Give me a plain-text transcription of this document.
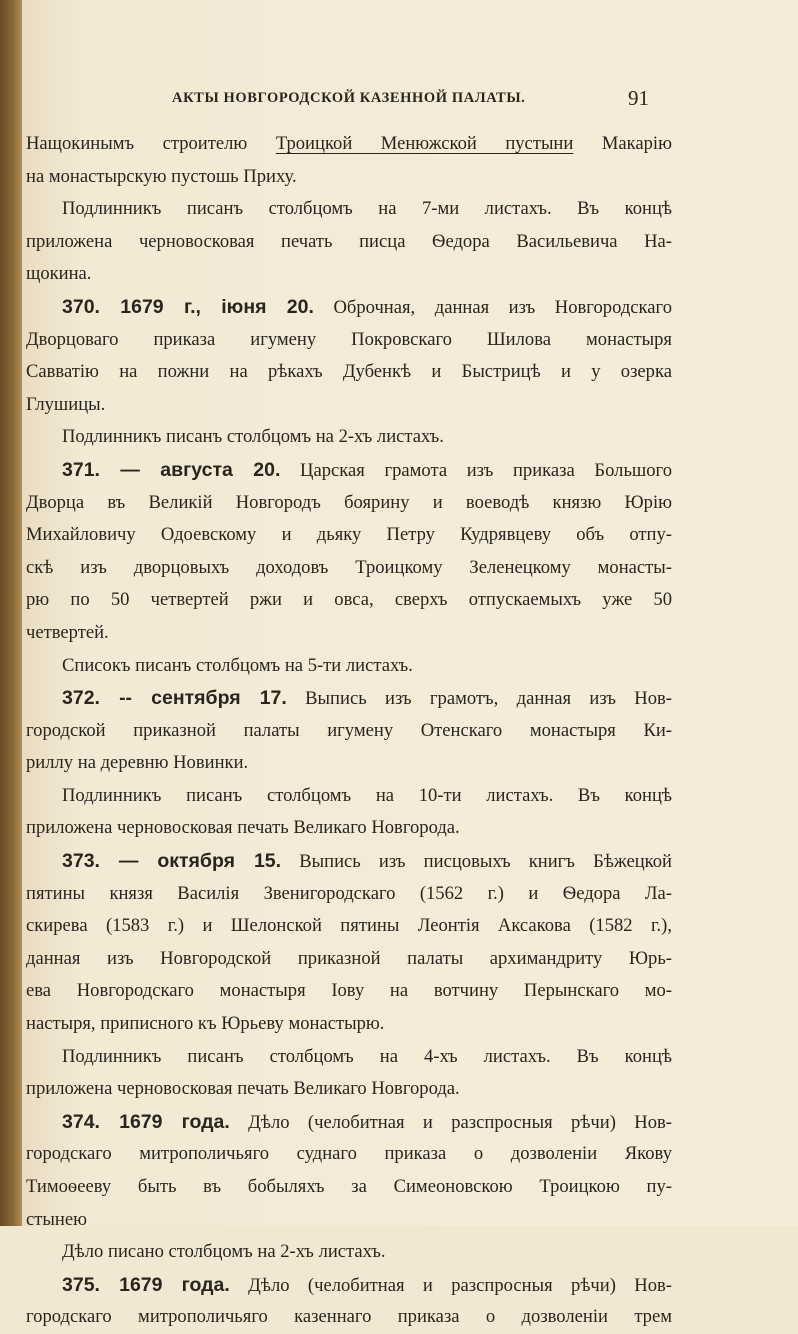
АКТЫ НОВГОРОДСКОЙ КАЗЕННОЙ ПАЛАТЫ.	91
Нащокинымъ строителю Троицкой Менюжской пустыни Макарію
на монастырскую пустошь Приху.
Подлинникъ писанъ столбцомъ на 7-ми листахъ. Въ концѣ
приложена черновосковая печать писца Ѳедора Васильевича На-
щокина.
370. 1679 г., іюня 20. Оброчная, данная изъ Новгородскаго
Дворцоваго приказа игумену Покровскаго Шилова монастыря
Савватію на пожни на рѣкахъ Дубенкѣ и Быстрицѣ и у озерка
Глушицы.
Подлинникъ писанъ столбцомъ на 2-хъ листахъ.
371. — августа 20. Царская грамота изъ приказа Большого
Дворца въ Великій Новгородъ боярину и воеводѣ князю Юрію
Михайловичу Одоевскому и дьяку Петру Кудрявцеву объ отпу-
скѣ изъ дворцовыхъ доходовъ Троицкому Зеленецкому монасты-
рю по 50 четвертей ржи и овса, сверхъ отпускаемыхъ уже 50
четвертей.
Списокъ писанъ столбцомъ на 5-ти листахъ.
372. -- сентября 17. Выпись изъ грамотъ, данная изъ Нов-
городской приказной палаты игумену Отенскаго монастыря Ки-
риллу на деревню Новинки.
Подлинникъ писанъ столбцомъ на 10-ти листахъ. Въ концѣ
приложена черновосковая печать Великаго Новгорода.
373. — октября 15. Выпись изъ писцовыхъ книгъ Бѣжецкой
пятины князя Василія Звенигородскаго (1562 г.) и Ѳедора Ла-
скирева (1583 г.) и Шелонской пятины Леонтія Аксакова (1582 г.),
данная изъ Новгородской приказной палаты архимандриту Юрь-
ева Новгородскаго монастыря Іову на вотчину Перынскаго мо-
настыря, приписного къ Юрьеву монастырю.
Подлинникъ писанъ столбцомъ на 4-хъ листахъ. Въ концѣ
приложена черновосковая печать Великаго Новгорода.
374. 1679 года. Дѣло (челобитная и разспросныя рѣчи) Нов-
городскаго митрополичьяго суднаго приказа о дозволеніи Якову
Тимоѳееву быть въ бобыляхъ за Симеоновскою Троицкою пу-
стынею
Дѣло писано столбцомъ на 2-хъ листахъ.
375. 1679 года. Дѣло (челобитная и разспросныя рѣчи) Нов-
городскаго митрополичьяго казеннаго приказа о дозволеніи трем
